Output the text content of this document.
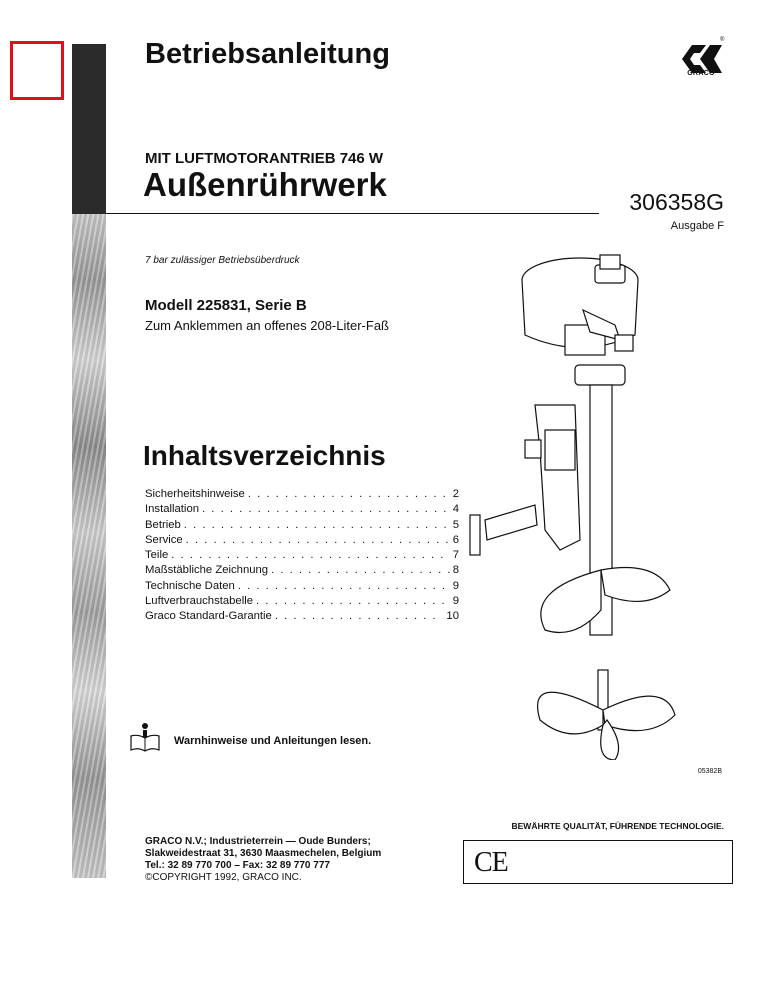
Betriebsanleitung
GRACO
®
MIT LUFTMOTORANTRIEB 746 W
Außenrührwerk	306358G
Ausgabe F
7 bar zulässiger Betriebsüberdruck
Modell 225831, Serie B
Zum Anklemmen an offenes 208-Liter-Faß
Inhaltsverzeichnis
Sicherheitshinweise . . .	2
Installation . . .	4
Betrieb . . .	5
Service . . .	6
Teile . . .	7
Maßstäbliche Zeichnung . . .	8
Technische Daten . . .	9
Luftverbrauchstabelle . . .	9
Graco Standard-Garantie . . .	10
Warnhinweise und Anleitungen lesen.
05382B
BEWÄHRTE QUALITÄT, FÜHRENDE TECHNOLOGIE.
CE
GRACO N.V.; Industrieterrein — Oude Bunders;
Slakweidestraat 31, 3630 Maasmechelen, Belgium
Tel.: 32 89 770 700 – Fax: 32 89 770 777
©COPYRIGHT 1992, GRACO INC.
